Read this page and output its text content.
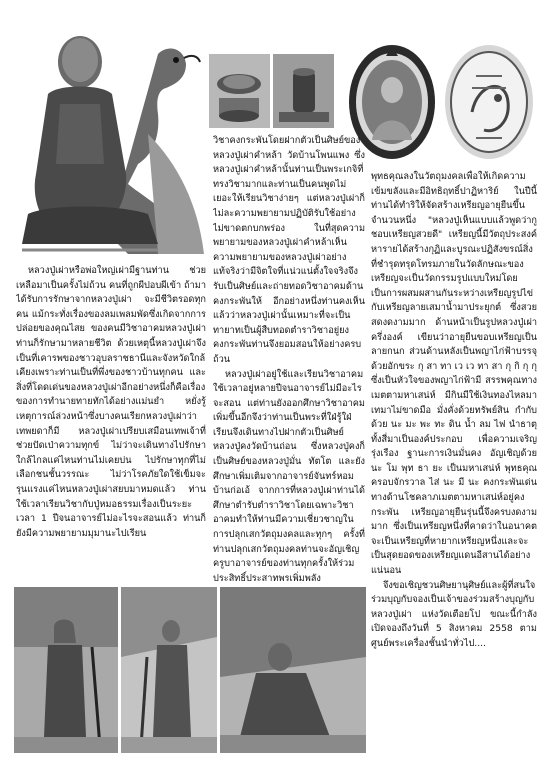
หลวงปู่เผ่าหรือพ่อใหญ่เผ่ามีฐานท่าน ช่วยเหลือมาเป็นครั้งไม่ถ้วน คนที่ถูกผีปอบผีเข้า ถ้ามาได้รับการรักษาจากหลวงปู่เผ่า จะมีชีวิตรอดทุกคน แม้กระทั่งเรื่องของลมเพลมพัดซึ่งเกิดจากการปล่อยของคุณไสย ของคนมีวิชาอาคมหลวงปู่เผ่าท่านก็รักษามาหลายชีวิต ด้วยเหตุนี้หลวงปู่เผ่าจึงเป็นที่เคารพของชาวอุบลราชธานีและจังหวัดใกล้เคียงเพราะท่านเป็นที่พึ่งของชาวบ้านทุกคน และสิ่งที่โดดเด่นของหลวงปู่เผ่าอีกอย่างหนึ่งก็คือเรื่องของการทำนายทายทักได้อย่างแม่นยำ หยั่งรู้เหตุการณ์ล่วงหน้าซึ่งบางคนเรียกหลวงปู่เผ่าว่าเทพยดาก็มี หลวงปู่เผ่าเปรียบเสมือนเทพเจ้าที่ช่วยปัดเป่าความทุกข์ ไม่ว่าจะเดินทางไปรักษาใกล้ไกลแค่ไหนท่านไม่เคยบ่น ไปรักษาทุกที่ไม่เลือกชนชั้นวรรณะ ไม่ว่าโรคภัยใดใช้เข็มจะรุนแรงแค่ไหนหลวงปู่เผ่าสยบมาหมดแล้ว ท่านใช้เวลาเรียนวิชากับปู่หมอธรรมเรื่องเป็นระยะเวลา 1 ปีจนอาจารย์ไม่อะไรจะสอนแล้ว ท่านก็ยังมีความพยายามมุมานะไปเรียน

วิชาคงกระพันโดยฝากตัวเป็นศิษย์ของหลวงปู่เผ่าคำหล้า วัดบ้านโพนแพง ซึ่งหลวงปู่เผ่าคำหล้านั้นท่านเป็นพระเกจิที่ทรงวิชามากและท่านเป็นคนพูดไม่เยอะให้เรียนวิชาง่ายๆ แต่หลวงปู่เผ่าก็ไม่ละความพยายามปฏิบัติรับใช้อย่างไม่ขาดตกบกพร่อง ในที่สุดความพยายามของหลวงปู่เผ่าคำหล้าเห็นความพยายามของหลวงปู่เผ่าอย่างแท้จริงว่ามีจิตใจที่แน่วแน่ตั้งใจจริงจึงรับเป็นศิษย์และถ่ายทอดวิชาอาคมด้านคงกระพันให้ อีกอย่างหนึ่งท่านคงเห็นแล้วว่าหลวงปู่เผ่านั้นเหมาะที่จะเป็นทายาทเป็นผู้สืบทอดตำราวิชาอยู่ยงคงกระพันท่านจึงยอมสอนให้อย่างครบถ้วน

หลวงปู่เผ่าอยู่ใช้และเรียนวิชาอาคมใช้เวลาอยู่หลายปีจนอาจารย์ไม่มีอะไรจะสอน แต่ท่านยังออกศึกษาวิชาอาคมเพิ่มขึ้นอีกจึงว่าท่านเป็นพระที่ใฝ่รู้ใฝ่เรียนจึงเดินทางไปฝากตัวเป็นศิษย์หลวงปู่คงวัดบ้านถ่อน ซึ่งหลวงปู่คงก็เป็นศิษย์ของหลวงปู่มั่น ทัตโต และยังศึกษาเพิ่มเติมจากอาจารย์จันทร์หอม บ้านก่อเอ้ จากการที่หลวงปู่เผ่าท่านได้ศึกษาตำรับตำราวิชาโดยเฉพาะวิชาอาคมทำให้ท่านมีความเชี่ยวชาญในการปลุกเสกวัตถุมงคลและทุกๆ ครั้งที่ท่านปลุกเสกวัตถุมงคลท่านจะอัญเชิญครูบาอาจารย์ของท่านทุกครั้งให้ร่วมประสิทธิ์ประสาทพรเพิ่มพลัง

พุทธคุณลงในวัตถุมงคลเพื่อให้เกิดความเข้มขลังและมีอิทธิฤทธิ์ปาฏิหาริย์ ในปีนี้ท่านได้ทำริให้จัดสร้างเหรียญอายุยืนขึ้นจำนวนหนึ่ง "หลวงปู่เห็นแบบแล้วพูดว่ากูชอบเหรียญสวยดี" เหรียญนี้มีวัตถุประสงค์หารายได้สร้างกุฏิและบูรณะปฏิสังขรณ์สิ่งที่ชำรุดทรุดโทรมภายในวัดลักษณะของเหรียญจะเป็นวัดกรรมรูปแบบใหม่โดยเป็นการผสมผสานกันระหว่างเหรียญรูปไข่กับเหรียญลายเสมาน้ำมาประยุกต์ ซึ่งสวยสดงดงามมาก ด้านหน้าเป็นรูปหลวงปู่เผ่าครึ่งองค์ เขียนว่าอายุยืนขอบเหรียญเป็นลายกนก ส่วนด้านหลังเป็นพญาไก่ฟ้าบรรจุด้วยอักขระ กุ สา ทา เว เว ทา สา กุ กิ กุ กุ ซึ่งเป็นหัวใจของพญาไก่ฟ้ามี สรรพคุณทางเมตตามหาเสน่ห์ มีกินมีใช้เงินทองไหลมาเทมาไม่ขาดมือ มั่งคั่งด้วยทรัพย์สิน กำกับด้วย นะ มะ พะ ทะ ดิน น้ำ ลม ไฟ นำธาตุทั้งสี่มาเป็นองค์ประกอบ เพื่อความเจริญรุ่งเรือง ฐานะการเงินมั่นคง อัญเชิญด้วย นะ โม พุท ธา ยะ เป็นมหาเสน่ห์ พุทธคุณครอบจักรวาล ไส่ นะ มี นะ คงกระพันเด่นทางด้านโชคลาภเมตตามหาเสน่ห์อยู่คงกระพัน เหรียญอายุยืนรุ่นนี้จึงครบงดงามมาก ซึ่งเป็นเหรียญหนึ่งที่คาดว่าในอนาคตจะเป็นเหรียญที่หายากเหรียญหนึ่งและจะเป็นสุดยอดของเหรียญแดนอีสานได้อย่างแน่นอน

จึงขอเชิญชวนศิษยานุศิษย์และผู้ที่สนใจร่วมบุญกับจองเป็นเจ้าของร่วมสร้างบุญกับหลวงปู่เผ่า แห่งวัดเตือยโป ขณะนี้กำลังเปิดจองถึงวันที่ 5 สิงหาคม 2558 ตามศูนย์พระเครื่องชั้นนำทั่วไป....
